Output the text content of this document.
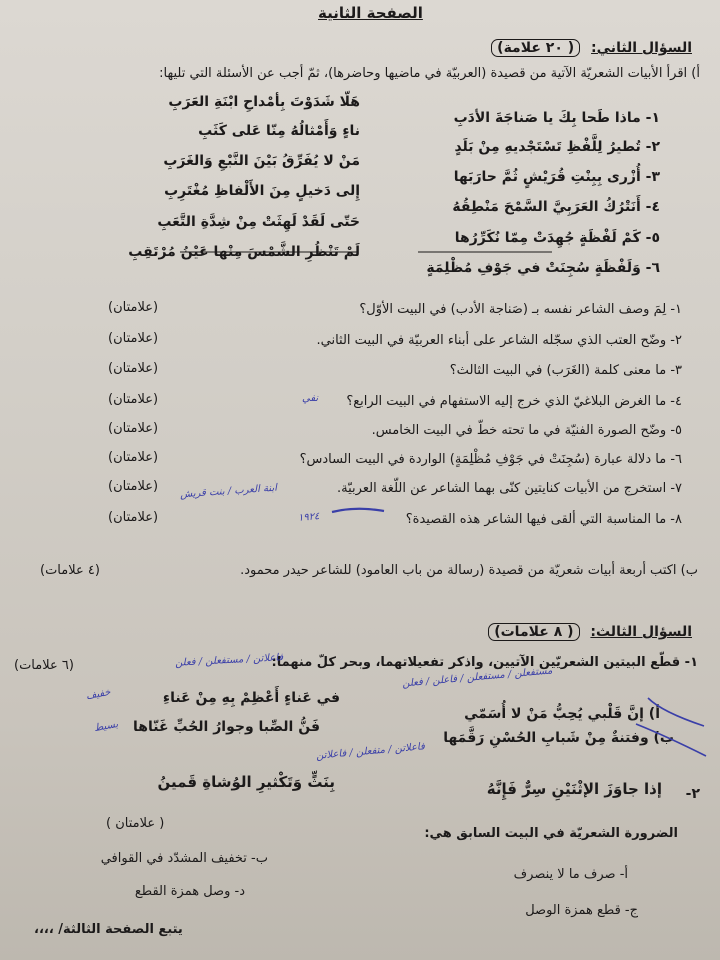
الصفحة الثانية
السؤال الثاني: ( ٢٠ علامة)
أ) اقرأ الأبيات الشعريّة الآتية من قصيدة (العربيّة في ماضيها وحاضرها)، ثمّ أجب عن الأسئلة التي تليها:
١- ماذا طَحا بِكَ يا صَناجَةَ الأدَبِ
هَلّا شَدَوْتَ بِأمْداحِ ابْنَةِ العَرَبِ
٢- تُطيرُ لِلَّفْظِ تَسْتَجْديهِ مِنْ بَلَدٍ
ناءٍ وَأَمْثالُهُ مِنّا عَلى كَثَبِ
٣- أُزْرى بِبِنْتِ قُرَيْشٍ ثُمَّ حارَبَها
مَنْ لا يُفَرِّقُ بَيْنَ النَّبْعِ وَالغَرَبِ
٤- أَنَتْرُكُ العَرَبِيَّ السَّمْحَ مَنْطِقُهُ
إِلى دَخيلٍ مِنَ الأَلْفاظِ مُغْتَرِبِ
٥- كَمْ لَفْظَةٍ جُهِدَتْ مِمّا نُكَرِّرُها
حَتّى لَقَدْ لَهِثَتْ مِنْ شِدَّةِ التَّعَبِ
٦- وَلَفْظَةٍ سُجِنَتْ في جَوْفِ مُظْلِمَةٍ
لَمْ تَنْظُرِ الشَّمْسَ مِنْها عَيْنُ مُرْتَقِبِ
١- لِمَ وصف الشاعر نفسه بـ (صَناجة الأدب) في البيت الأوّل؟
(علامتان)
٢- وضّح العتب الذي سجّله الشاعر على أبناء العربيّة في البيت الثاني.
(علامتان)
٣- ما معنى كلمة (الغَرَب) في البيت الثالث؟
(علامتان)
٤- ما الغرض البلاغيّ الذي خرج إليه الاستفهام في البيت الرابع؟
(علامتان)
٥- وضّح الصورة الفنيّة في ما تحته خطّ في البيت الخامس.
(علامتان)
٦- ما دلالة عبارة (سُجِنَتْ في جَوْفِ مُظْلِمَةٍ) الواردة في البيت السادس؟
(علامتان)
٧- استخرج من الأبيات كنايتين كنّى بهما الشاعر عن اللّغة العربيّة.
(علامتان)
٨- ما المناسبة التي ألقى فيها الشاعر هذه القصيدة؟
(علامتان)
ب) اكتب أربعة أبيات شعريّة من قصيدة (رسالة من باب العامود) للشاعر حيدر محمود.
(٤ علامات)
السؤال الثالث: ( ٨ علامات)
١- قطّع البيتين الشعريّين الآتيين، واذكر تفعيلاتهما، وبحر كلّ منهما:
(٦ علامات)
أ) إنَّ قَلْبي يُحِبُّ مَنْ لا أُسَمّي
في عَناءٍ أَعْظِمْ بِهِ مِنْ عَناءِ
ب) وفتنةٌ مِنْ شَبابِ الحُسْنِ رَقَّمَها
فَنُّ الصِّبا وجوارُ الحُبِّ غَنّاها
٢-
إذا جاوَزَ الإثْنَيْنِ سِرٌّ فَإِنَّهُ
بِنَثٍّ وَتَكْثيرِ الوُشاةِ قَمينُ
الضرورة الشعريّة في البيت السابق هي:
( علامتان )
أ- صرف ما لا ينصرف
ب- تخفيف المشدّد في القوافي
ج- قطع همزة الوصل
د- وصل همزة القطع
يتبع الصفحة الثالثة/ ،،،،
نفي
ابنة العرب / بنت قريش
١٩٢٤
فاعلاتن / مستفعلن / فعلن
مستفعلن / مستفعلن / فاعلن / فعلن
خفيف
بسيط
فاعلاتن / متفعلن / فاعلاتن
